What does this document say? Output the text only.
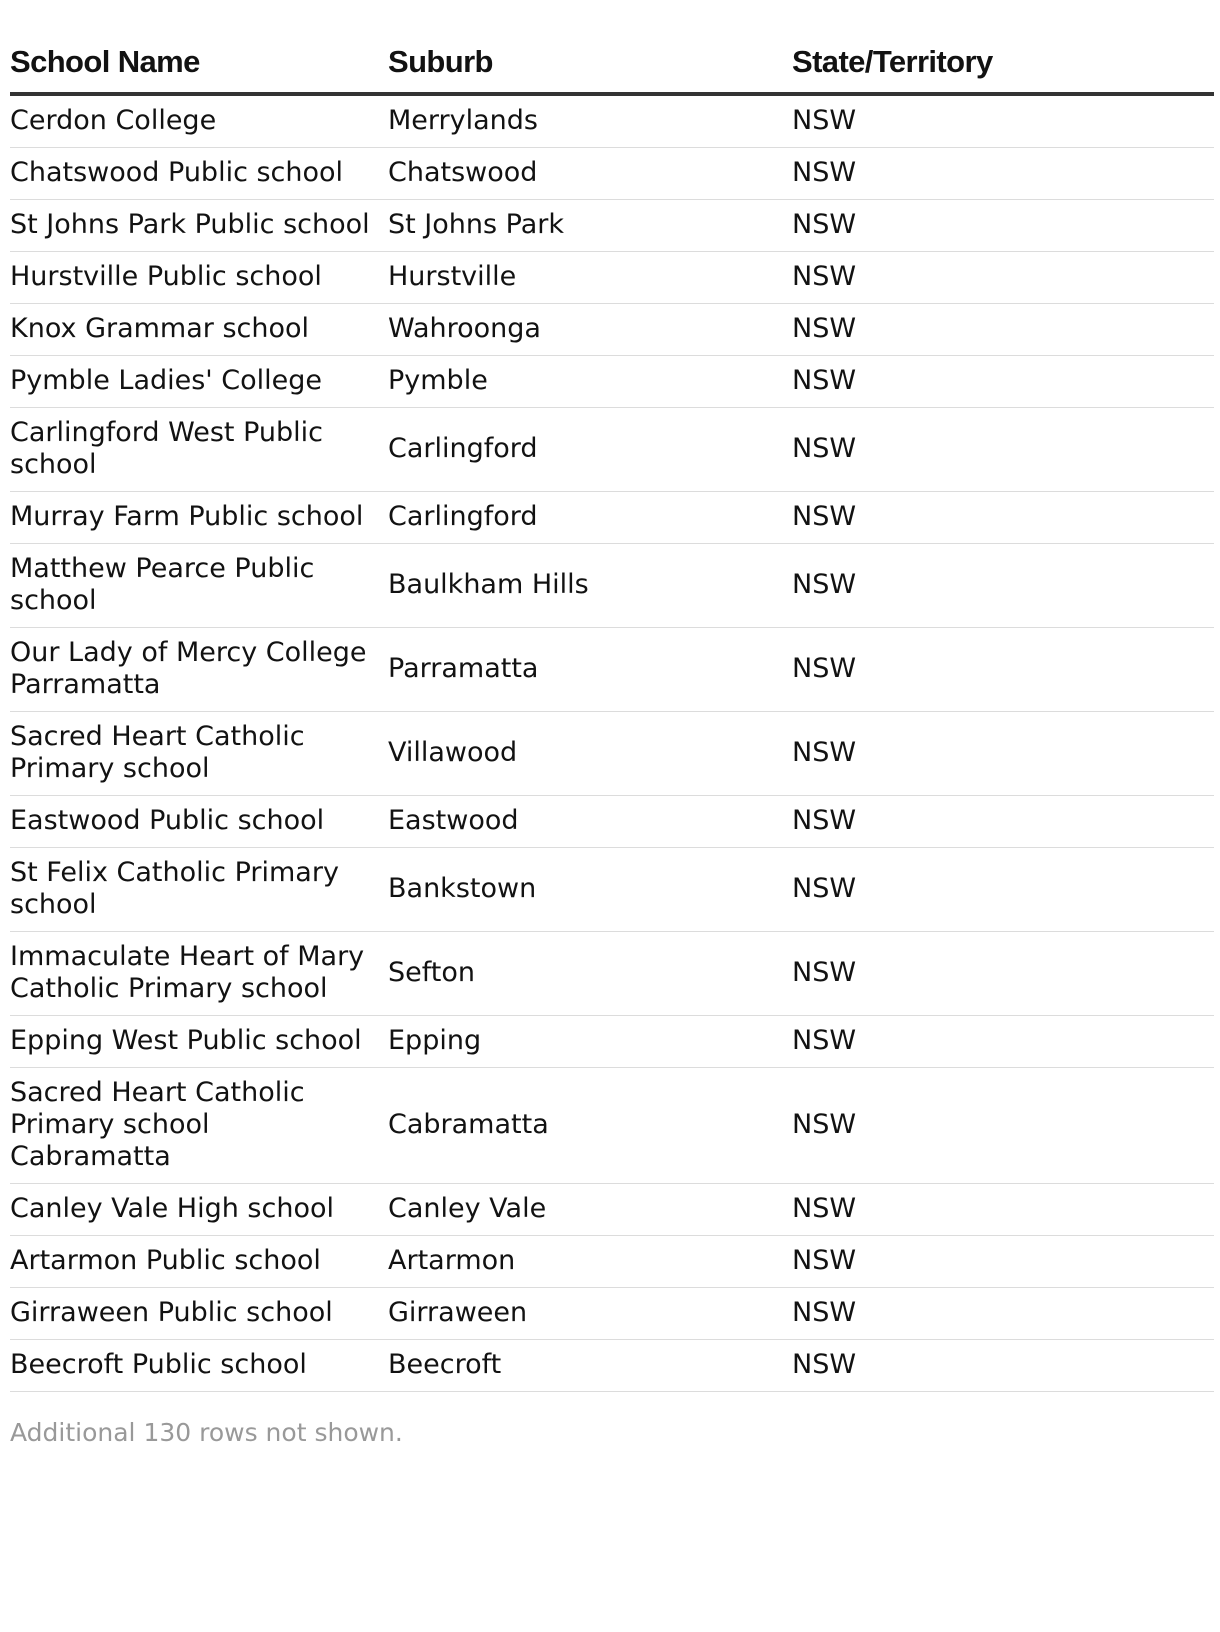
School Name	Suburb	State/Territory
Cerdon College	Merrylands	NSW
Chatswood Public school	Chatswood	NSW
St Johns Park Public school	St Johns Park	NSW
Hurstville Public school	Hurstville	NSW
Knox Grammar school	Wahroonga	NSW
Pymble Ladies' College	Pymble	NSW
Carlingford West Public school	Carlingford	NSW
Murray Farm Public school	Carlingford	NSW
Matthew Pearce Public school	Baulkham Hills	NSW
Our Lady of Mercy College Parramatta	Parramatta	NSW
Sacred Heart Catholic Primary school	Villawood	NSW
Eastwood Public school	Eastwood	NSW
St Felix Catholic Primary school	Bankstown	NSW
Immaculate Heart of Mary Catholic Primary school	Sefton	NSW
Epping West Public school	Epping	NSW
Sacred Heart Catholic Primary school Cabramatta	Cabramatta	NSW
Canley Vale High school	Canley Vale	NSW
Artarmon Public school	Artarmon	NSW
Girraween Public school	Girraween	NSW
Beecroft Public school	Beecroft	NSW
Additional 130 rows not shown.
